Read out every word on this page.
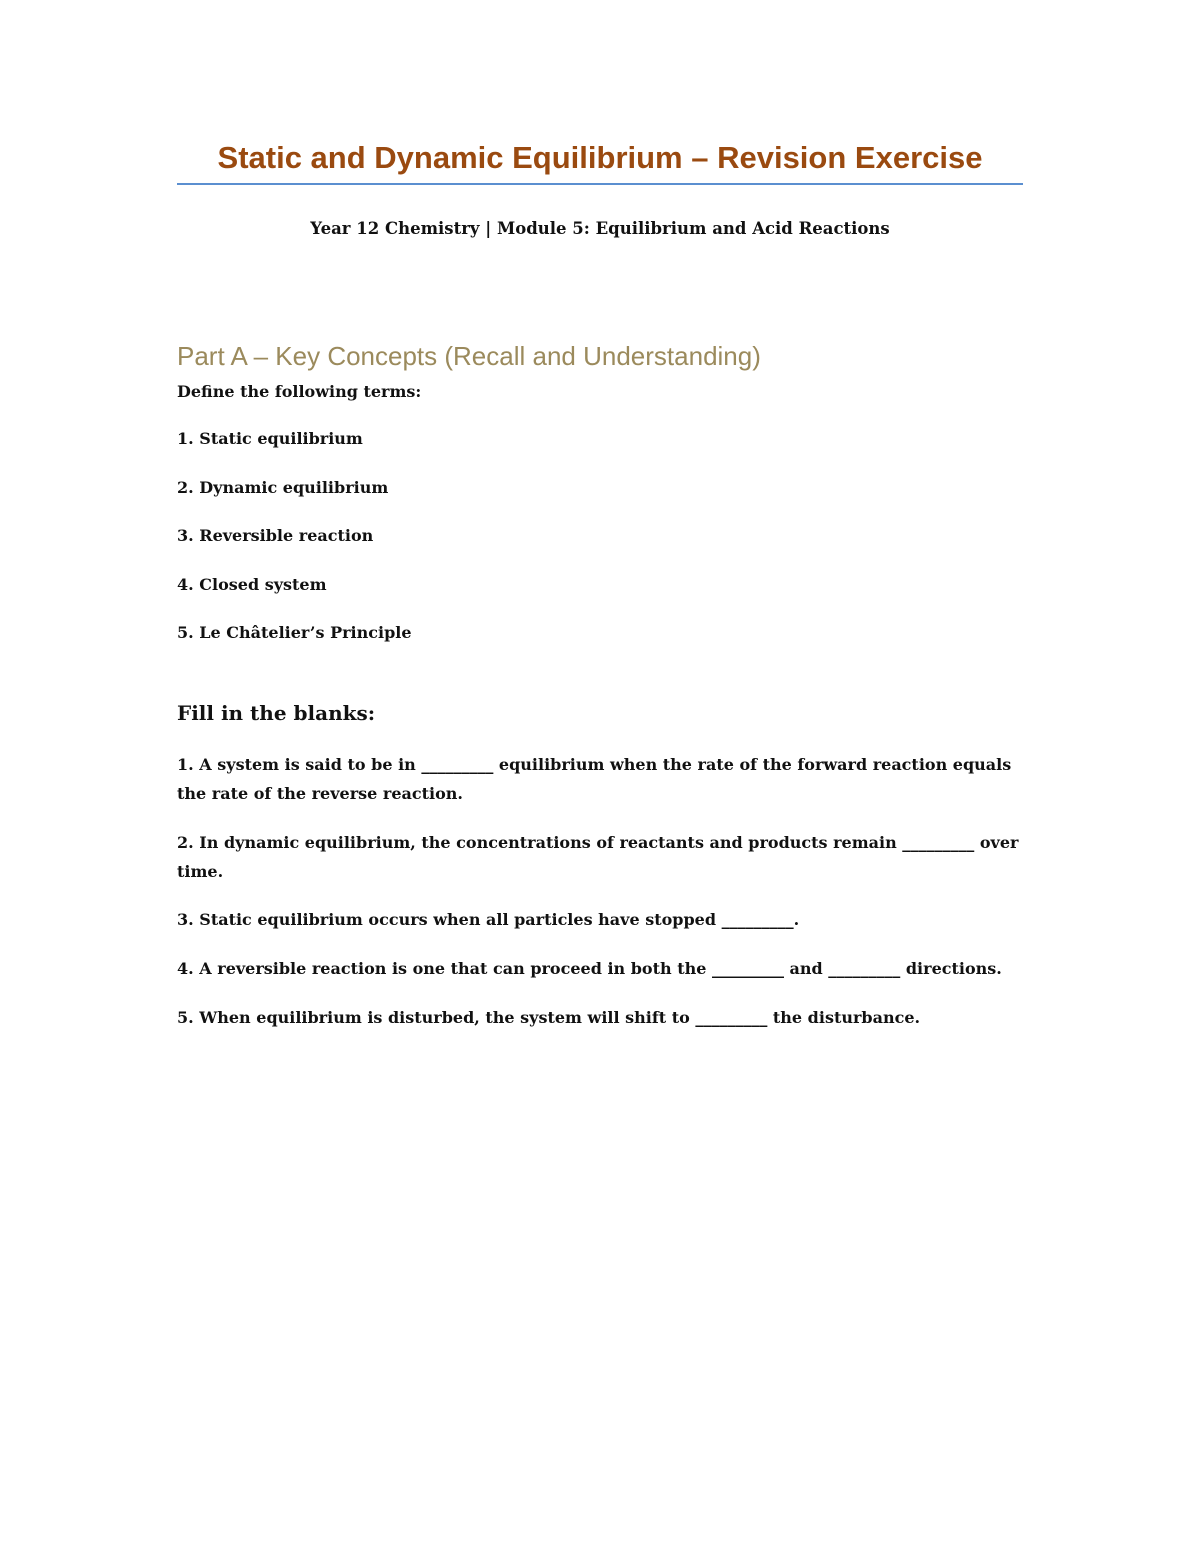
Static and Dynamic Equilibrium – Revision Exercise
Year 12 Chemistry | Module 5: Equilibrium and Acid Reactions
Part A – Key Concepts (Recall and Understanding)
Define the following terms:
1. Static equilibrium
2. Dynamic equilibrium
3. Reversible reaction
4. Closed system
5. Le Châtelier’s Principle
Fill in the blanks:
1. A system is said to be in _________ equilibrium when the rate of the forward reaction equals the rate of the reverse reaction.
2. In dynamic equilibrium, the concentrations of reactants and products remain _________ over time.
3. Static equilibrium occurs when all particles have stopped _________.
4. A reversible reaction is one that can proceed in both the _________ and _________ directions.
5. When equilibrium is disturbed, the system will shift to _________ the disturbance.
